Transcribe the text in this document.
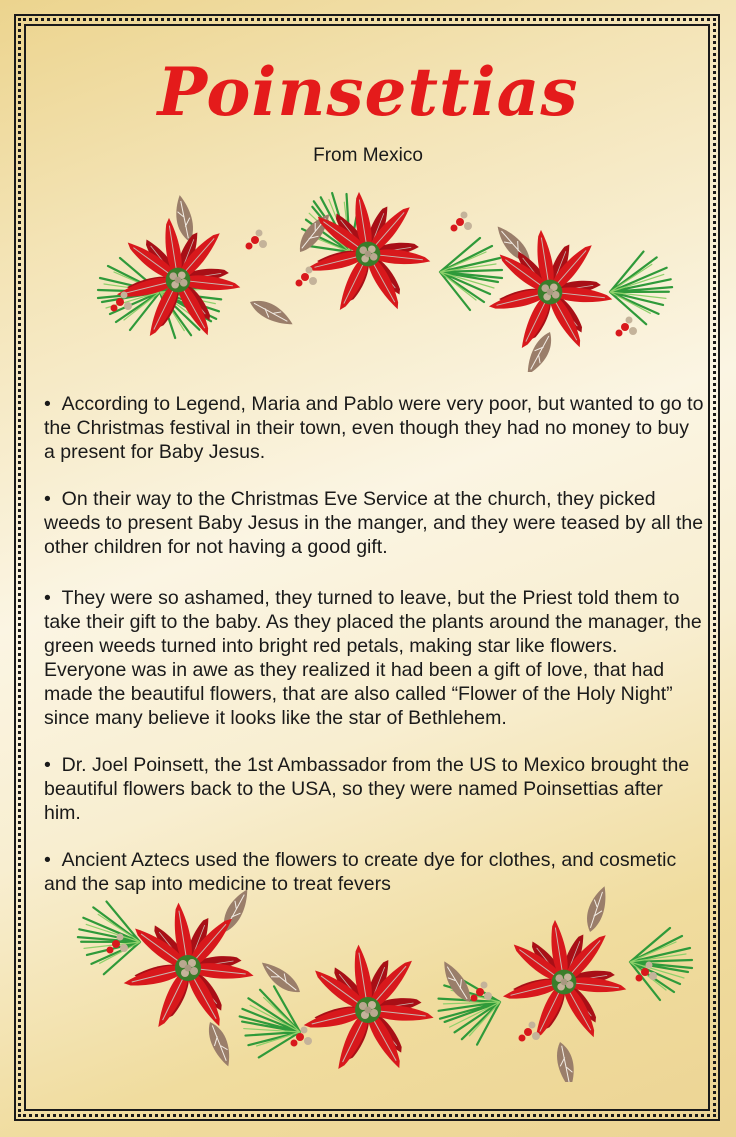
Poinsettias
From Mexico

• According to Legend, Maria and Pablo were very poor, but wanted to go to the Christmas festival in their town, even though they had no money to buy a present for Baby Jesus.

• On their way to the Christmas Eve Service at the church, they picked weeds to present Baby Jesus in the manger, and they were teased by all the other children for not having a good gift.

• They were so ashamed, they turned to leave, but the Priest told them to take their gift to the baby. As they placed the plants around the manager, the green weeds turned into bright red petals, making star like flowers. Everyone was in awe as they realized it had been a gift of love, that had made the beautiful flowers, that are also called “Flower of the Holy Night” since many believe it looks like the star of Bethlehem.

• Dr. Joel Poinsett, the 1st Ambassador from the US to Mexico brought the beautiful flowers back to the USA, so they were named Poinsettias after him.

• Ancient Aztecs used the flowers to create dye for clothes, and cosmetic and the sap into medicine to treat fevers
